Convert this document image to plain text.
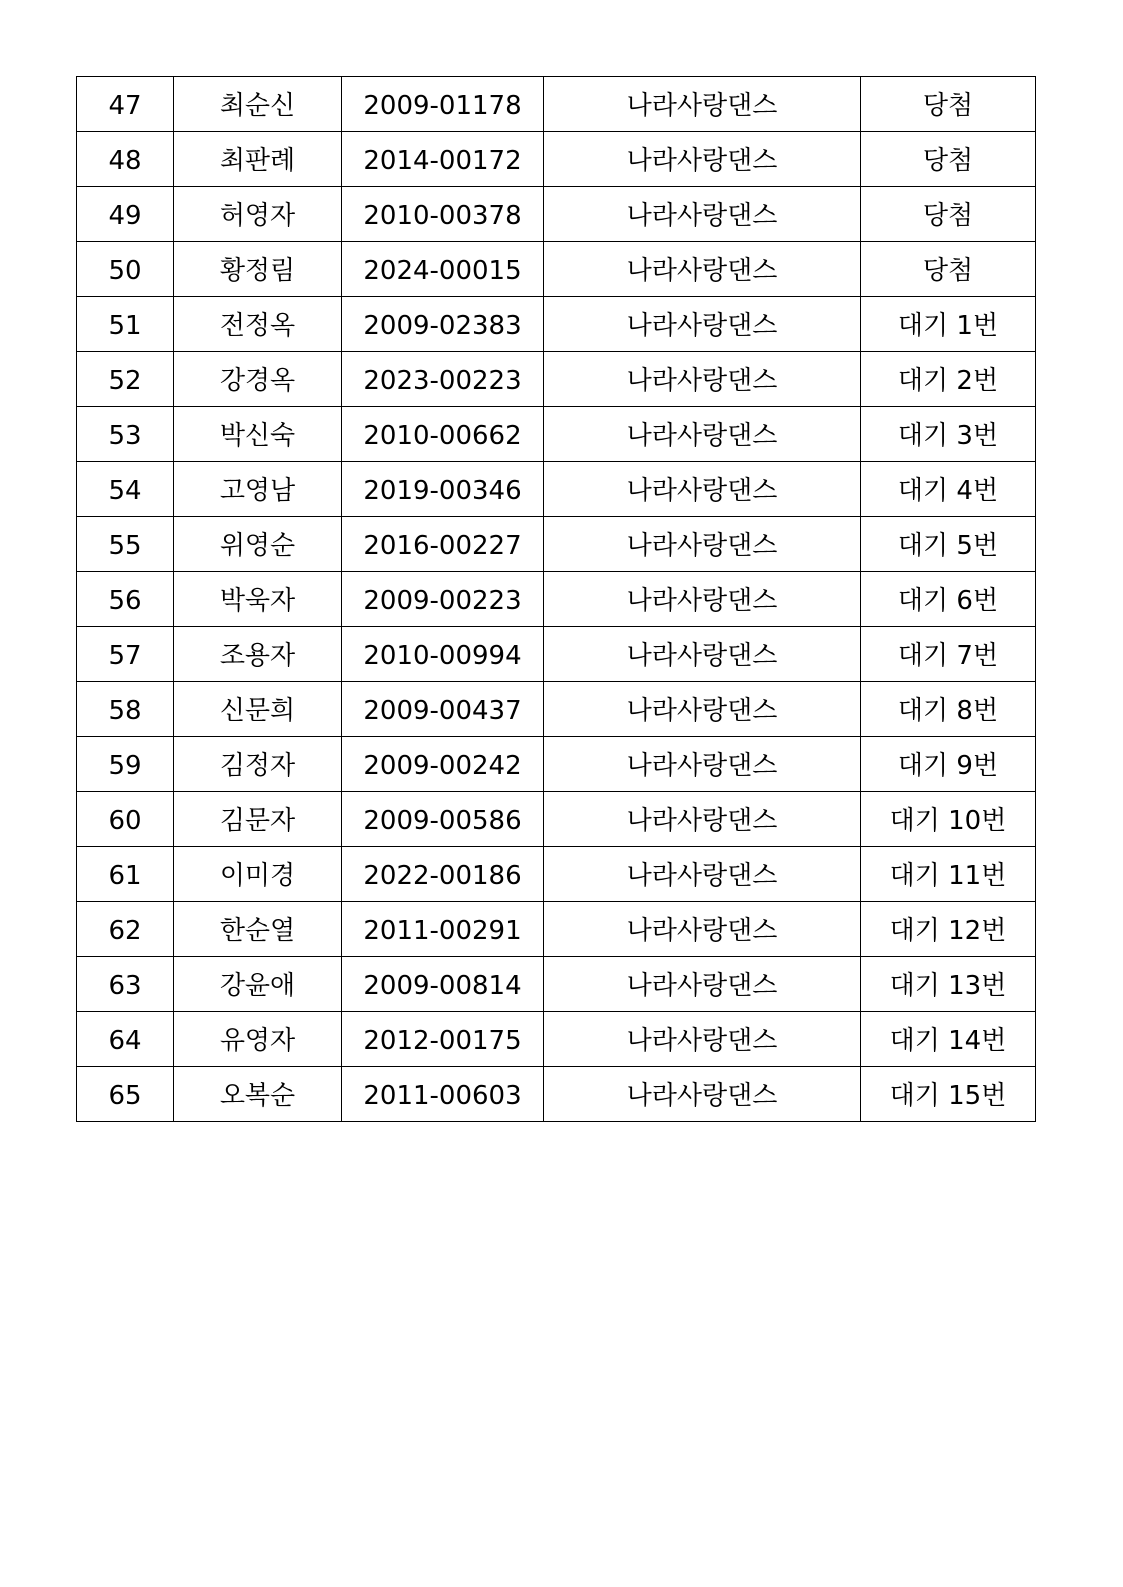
47	최순신	2009-01178	나라사랑댄스	당첨
48	최판례	2014-00172	나라사랑댄스	당첨
49	허영자	2010-00378	나라사랑댄스	당첨
50	황정림	2024-00015	나라사랑댄스	당첨
51	전정옥	2009-02383	나라사랑댄스	대기 1번
52	강경옥	2023-00223	나라사랑댄스	대기 2번
53	박신숙	2010-00662	나라사랑댄스	대기 3번
54	고영남	2019-00346	나라사랑댄스	대기 4번
55	위영순	2016-00227	나라사랑댄스	대기 5번
56	박욱자	2009-00223	나라사랑댄스	대기 6번
57	조용자	2010-00994	나라사랑댄스	대기 7번
58	신문희	2009-00437	나라사랑댄스	대기 8번
59	김정자	2009-00242	나라사랑댄스	대기 9번
60	김문자	2009-00586	나라사랑댄스	대기 10번
61	이미경	2022-00186	나라사랑댄스	대기 11번
62	한순열	2011-00291	나라사랑댄스	대기 12번
63	강윤애	2009-00814	나라사랑댄스	대기 13번
64	유영자	2012-00175	나라사랑댄스	대기 14번
65	오복순	2011-00603	나라사랑댄스	대기 15번
